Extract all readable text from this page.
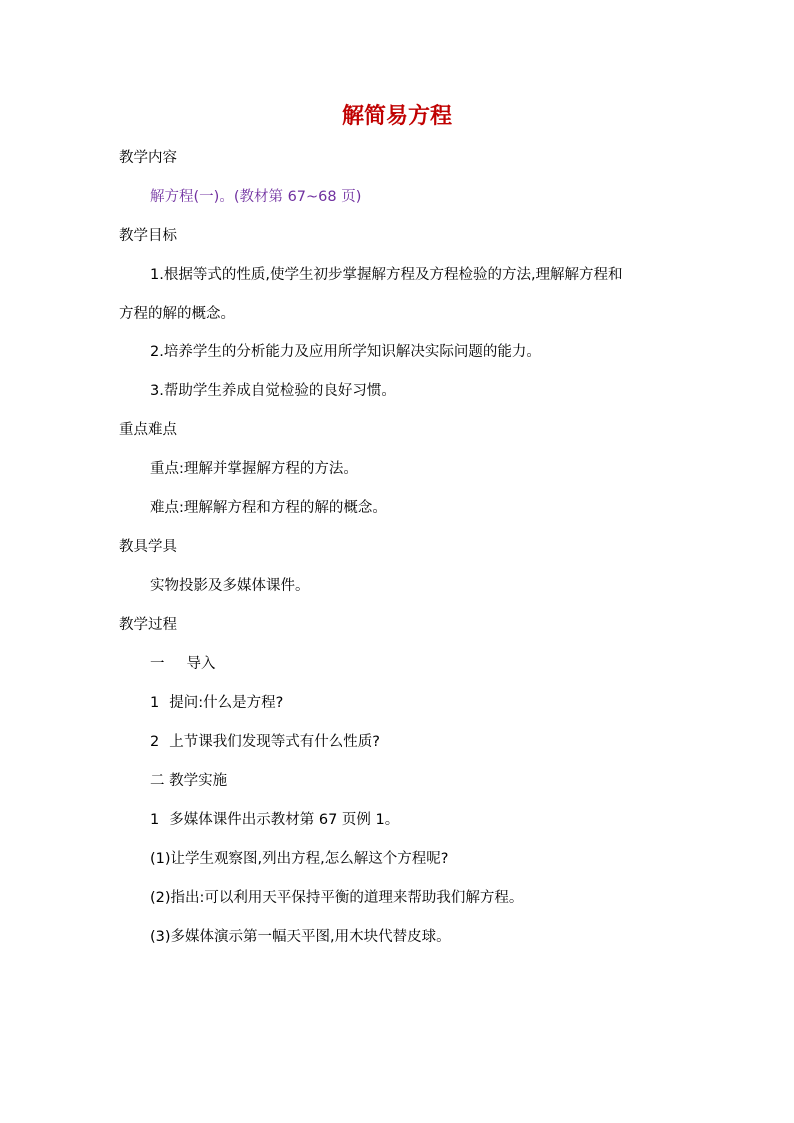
解简易方程
教学内容
解方程(一)。(教材第 67~68 页)
教学目标
1.根据等式的性质,使学生初步掌握解方程及方程检验的方法,理解解方程和
方程的解的概念。
2.培养学生的分析能力及应用所学知识解决实际问题的能力。
3.帮助学生养成自觉检验的良好习惯。
重点难点
重点:理解并掌握解方程的方法。
难点:理解解方程和方程的解的概念。
教具学具
实物投影及多媒体课件。
教学过程
一 导入
1 提问:什么是方程?
2 上节课我们发现等式有什么性质?
二 教学实施
1 多媒体课件出示教材第 67 页例 1。
(1)让学生观察图,列出方程,怎么解这个方程呢?
(2)指出:可以利用天平保持平衡的道理来帮助我们解方程。
(3)多媒体演示第一幅天平图,用木块代替皮球。
